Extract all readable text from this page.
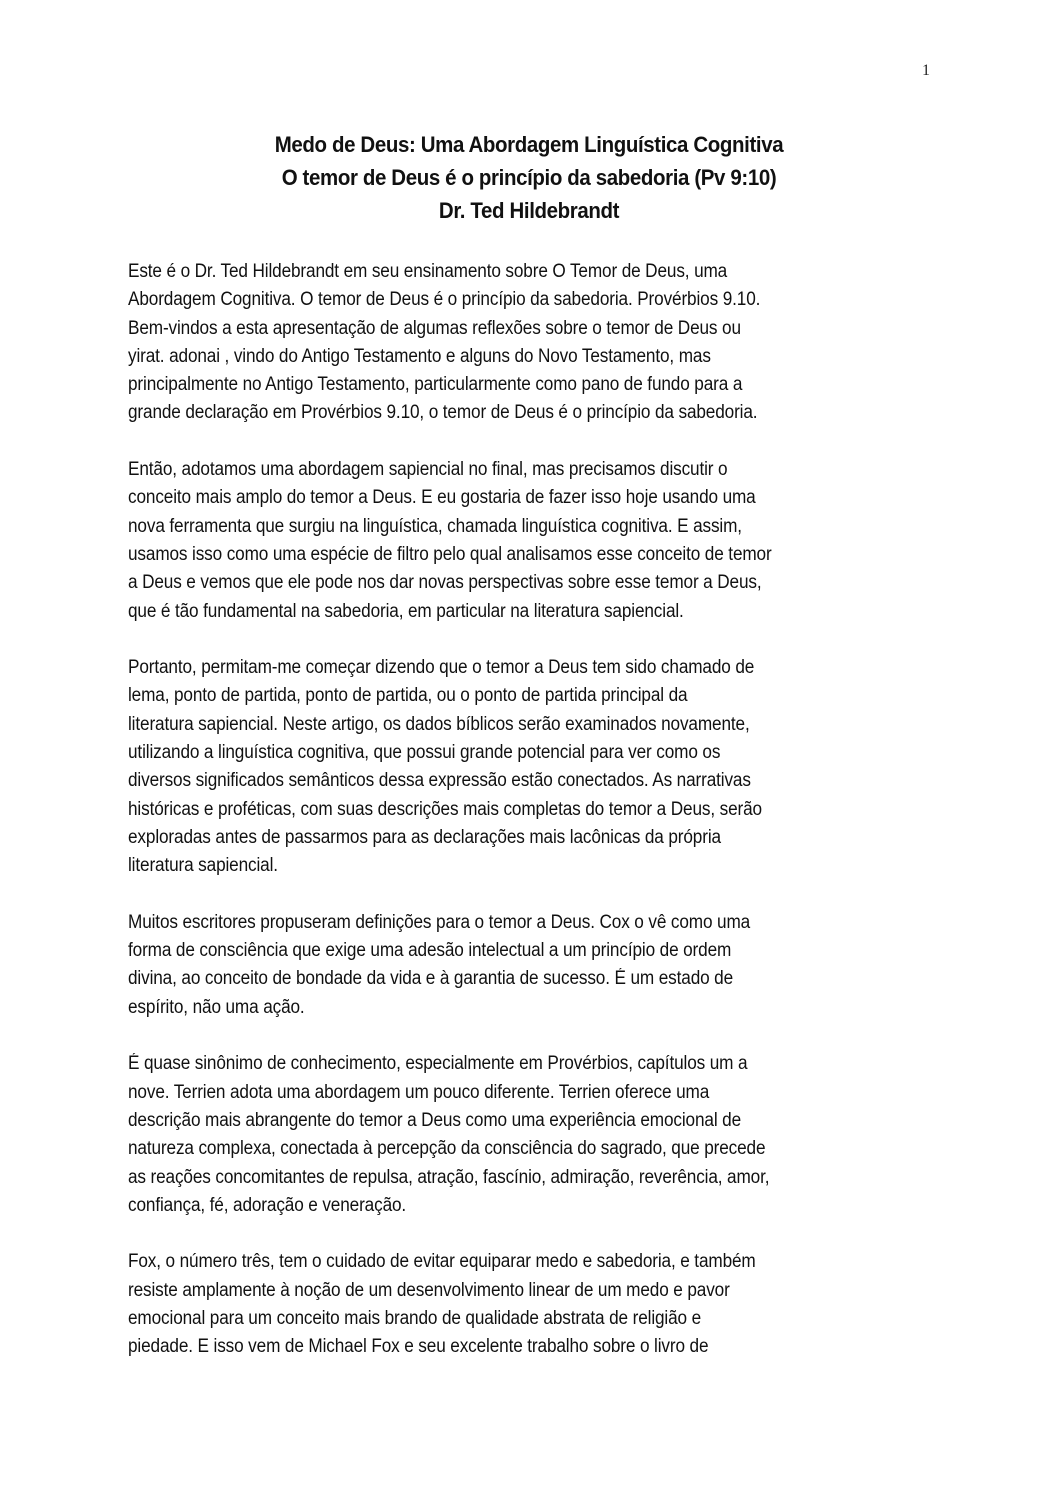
1
Medo de Deus: Uma Abordagem Linguística Cognitiva
O temor de Deus é o princípio da sabedoria (Pv 9:10)
Dr. Ted Hildebrandt

Este é o Dr. Ted Hildebrandt em seu ensinamento sobre O Temor de Deus, uma
Abordagem Cognitiva. O temor de Deus é o princípio da sabedoria. Provérbios 9.10.
Bem-vindos a esta apresentação de algumas reflexões sobre o temor de Deus ou
yirat. adonai , vindo do Antigo Testamento e alguns do Novo Testamento, mas
principalmente no Antigo Testamento, particularmente como pano de fundo para a
grande declaração em Provérbios 9.10, o temor de Deus é o princípio da sabedoria.

Então, adotamos uma abordagem sapiencial no final, mas precisamos discutir o
conceito mais amplo do temor a Deus. E eu gostaria de fazer isso hoje usando uma
nova ferramenta que surgiu na linguística, chamada linguística cognitiva. E assim,
usamos isso como uma espécie de filtro pelo qual analisamos esse conceito de temor
a Deus e vemos que ele pode nos dar novas perspectivas sobre esse temor a Deus,
que é tão fundamental na sabedoria, em particular na literatura sapiencial.

Portanto, permitam-me começar dizendo que o temor a Deus tem sido chamado de
lema, ponto de partida, ponto de partida, ou o ponto de partida principal da
literatura sapiencial. Neste artigo, os dados bíblicos serão examinados novamente,
utilizando a linguística cognitiva, que possui grande potencial para ver como os
diversos significados semânticos dessa expressão estão conectados. As narrativas
históricas e proféticas, com suas descrições mais completas do temor a Deus, serão
exploradas antes de passarmos para as declarações mais lacônicas da própria
literatura sapiencial.

Muitos escritores propuseram definições para o temor a Deus. Cox o vê como uma
forma de consciência que exige uma adesão intelectual a um princípio de ordem
divina, ao conceito de bondade da vida e à garantia de sucesso. É um estado de
espírito, não uma ação.

É quase sinônimo de conhecimento, especialmente em Provérbios, capítulos um a
nove. Terrien adota uma abordagem um pouco diferente. Terrien oferece uma
descrição mais abrangente do temor a Deus como uma experiência emocional de
natureza complexa, conectada à percepção da consciência do sagrado, que precede
as reações concomitantes de repulsa, atração, fascínio, admiração, reverência, amor,
confiança, fé, adoração e veneração.

Fox, o número três, tem o cuidado de evitar equiparar medo e sabedoria, e também
resiste amplamente à noção de um desenvolvimento linear de um medo e pavor
emocional para um conceito mais brando de qualidade abstrata de religião e
piedade. E isso vem de Michael Fox e seu excelente trabalho sobre o livro de
